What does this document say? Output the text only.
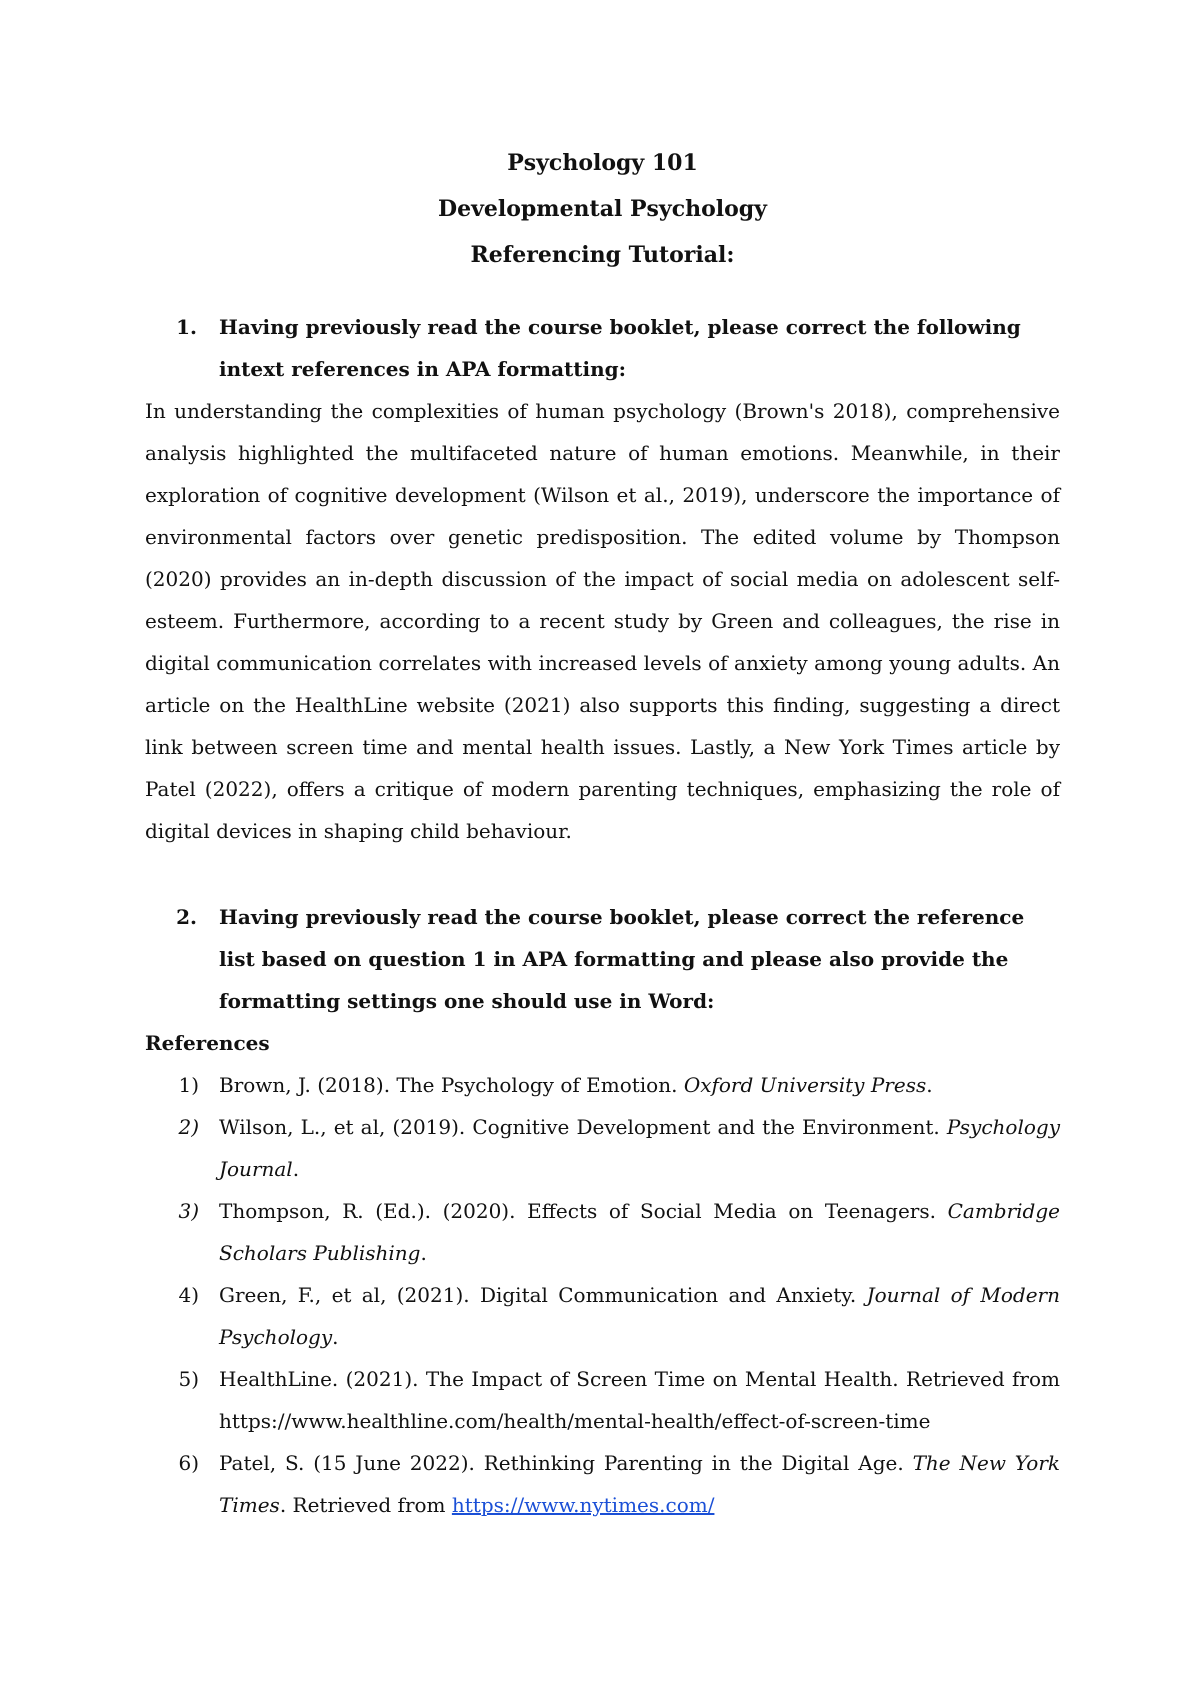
Psychology 101
Developmental Psychology
Referencing Tutorial:
1.	Having previously read the course booklet, please correct the following intext references in APA formatting:
In understanding the complexities of human psychology (Brown's 2018), comprehensive analysis highlighted the multifaceted nature of human emotions. Meanwhile, in their exploration of cognitive development (Wilson et al., 2019), underscore the importance of environmental factors over genetic predisposition. The edited volume by Thompson (2020) provides an in-depth discussion of the impact of social media on adolescent self-esteem. Furthermore, according to a recent study by Green and colleagues, the rise in digital communication correlates with increased levels of anxiety among young adults. An article on the HealthLine website (2021) also supports this finding, suggesting a direct link between screen time and mental health issues. Lastly, a New York Times article by Patel (2022), offers a critique of modern parenting techniques, emphasizing the role of digital devices in shaping child behaviour.
2.	Having previously read the course booklet, please correct the reference list based on question 1 in APA formatting and please also provide the formatting settings one should use in Word:
References
1)	Brown, J. (2018). The Psychology of Emotion. Oxford University Press.
2)	Wilson, L., et al, (2019). Cognitive Development and the Environment. Psychology Journal.
3)	Thompson, R. (Ed.). (2020). Effects of Social Media on Teenagers. Cambridge Scholars Publishing.
4)	Green, F., et al, (2021). Digital Communication and Anxiety. Journal of Modern Psychology.
5)	HealthLine. (2021). The Impact of Screen Time on Mental Health. Retrieved from https://www.healthline.com/health/mental-health/effect-of-screen-time
6)	Patel, S. (15 June 2022). Rethinking Parenting in the Digital Age. The New York Times. Retrieved from https://www.nytimes.com/
